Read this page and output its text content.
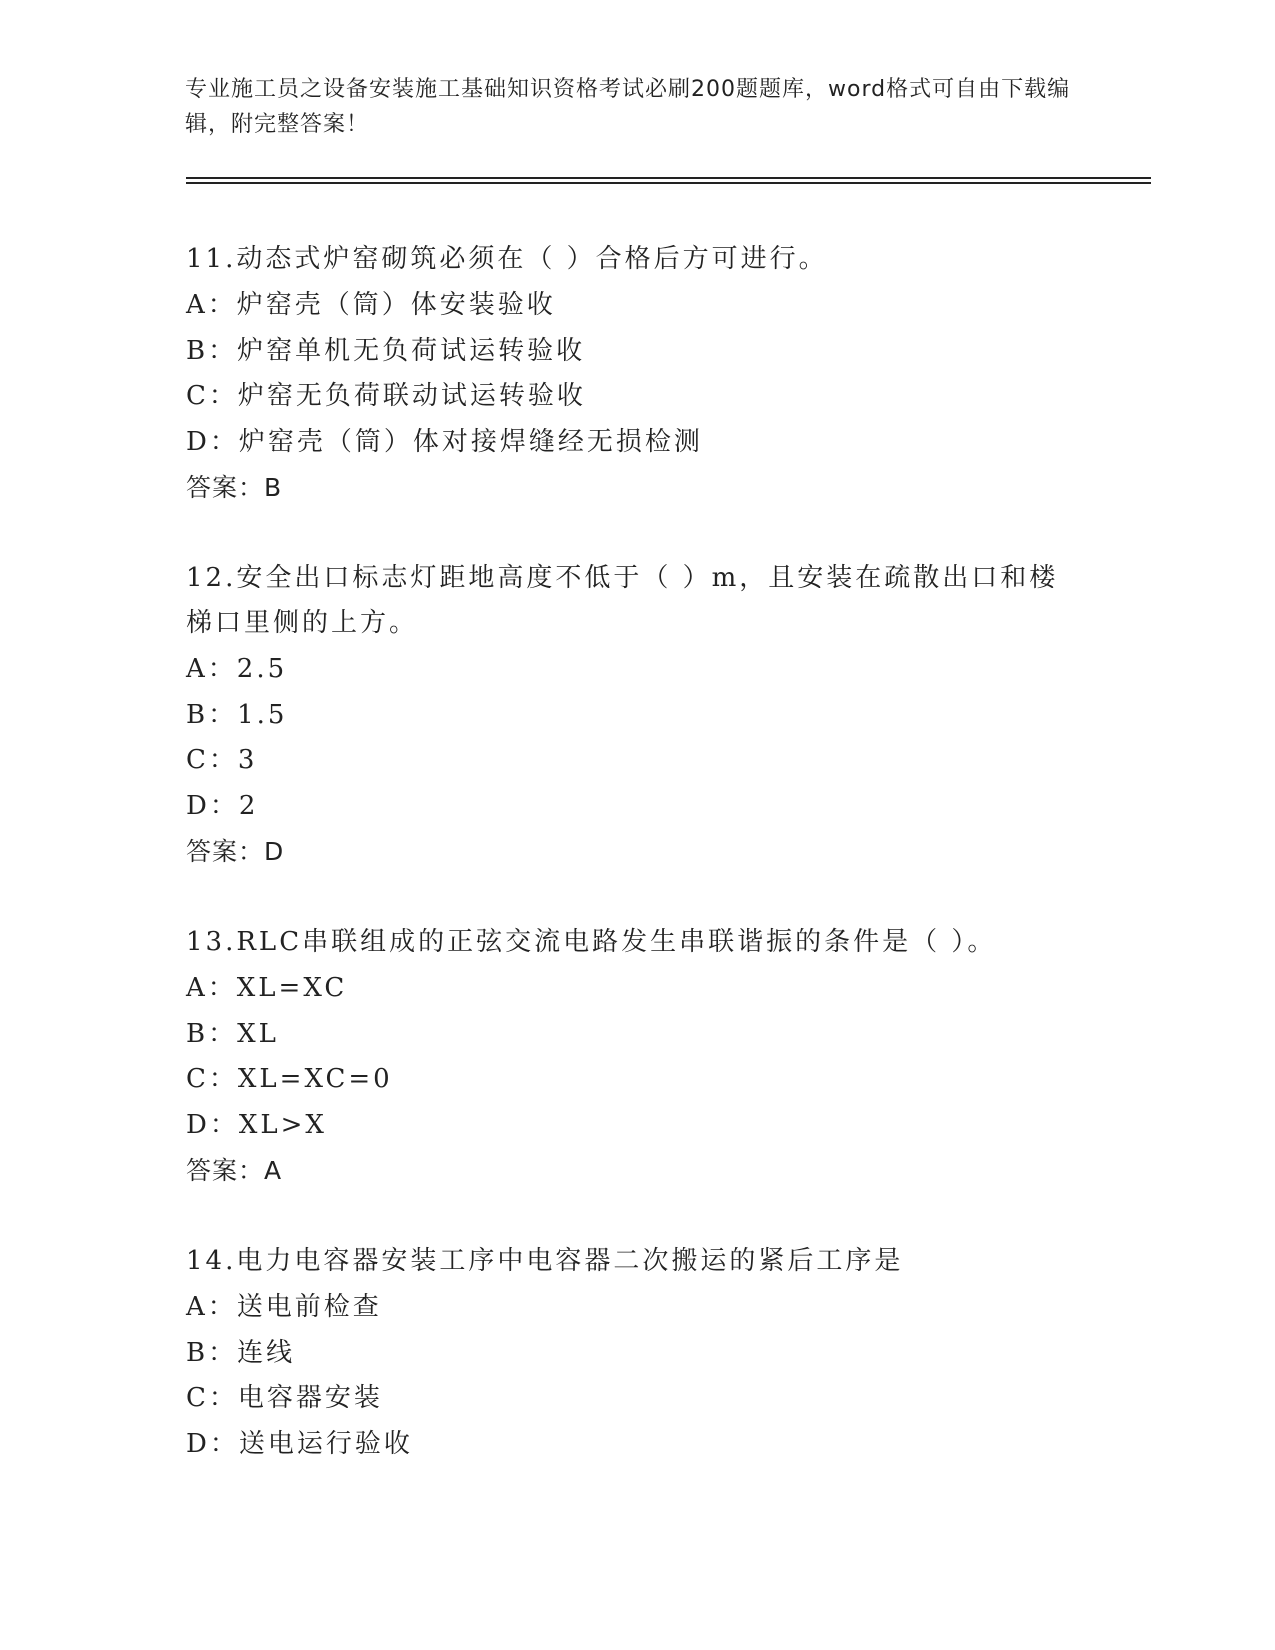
专业施工员之设备安装施工基础知识资格考试必刷200题题库，word格式可自由下载编辑，附完整答案！
11.动态式炉窑砌筑必须在（ ）合格后方可进行。
A：炉窑壳（筒）体安装验收
B：炉窑单机无负荷试运转验收
C：炉窑无负荷联动试运转验收
D：炉窑壳（筒）体对接焊缝经无损检测
答案：B
12.安全出口标志灯距地高度不低于（ ）m，且安装在疏散出口和楼梯口里侧的上方。
A：2.5
B：1.5
C：3
D：2
答案：D
13.RLC串联组成的正弦交流电路发生串联谐振的条件是（ ）。
A：XL=XC
B：XL
C：XL=XC=0
D：XL>X
答案：A
14.电力电容器安装工序中电容器二次搬运的紧后工序是
A：送电前检查
B：连线
C：电容器安装
D：送电运行验收
